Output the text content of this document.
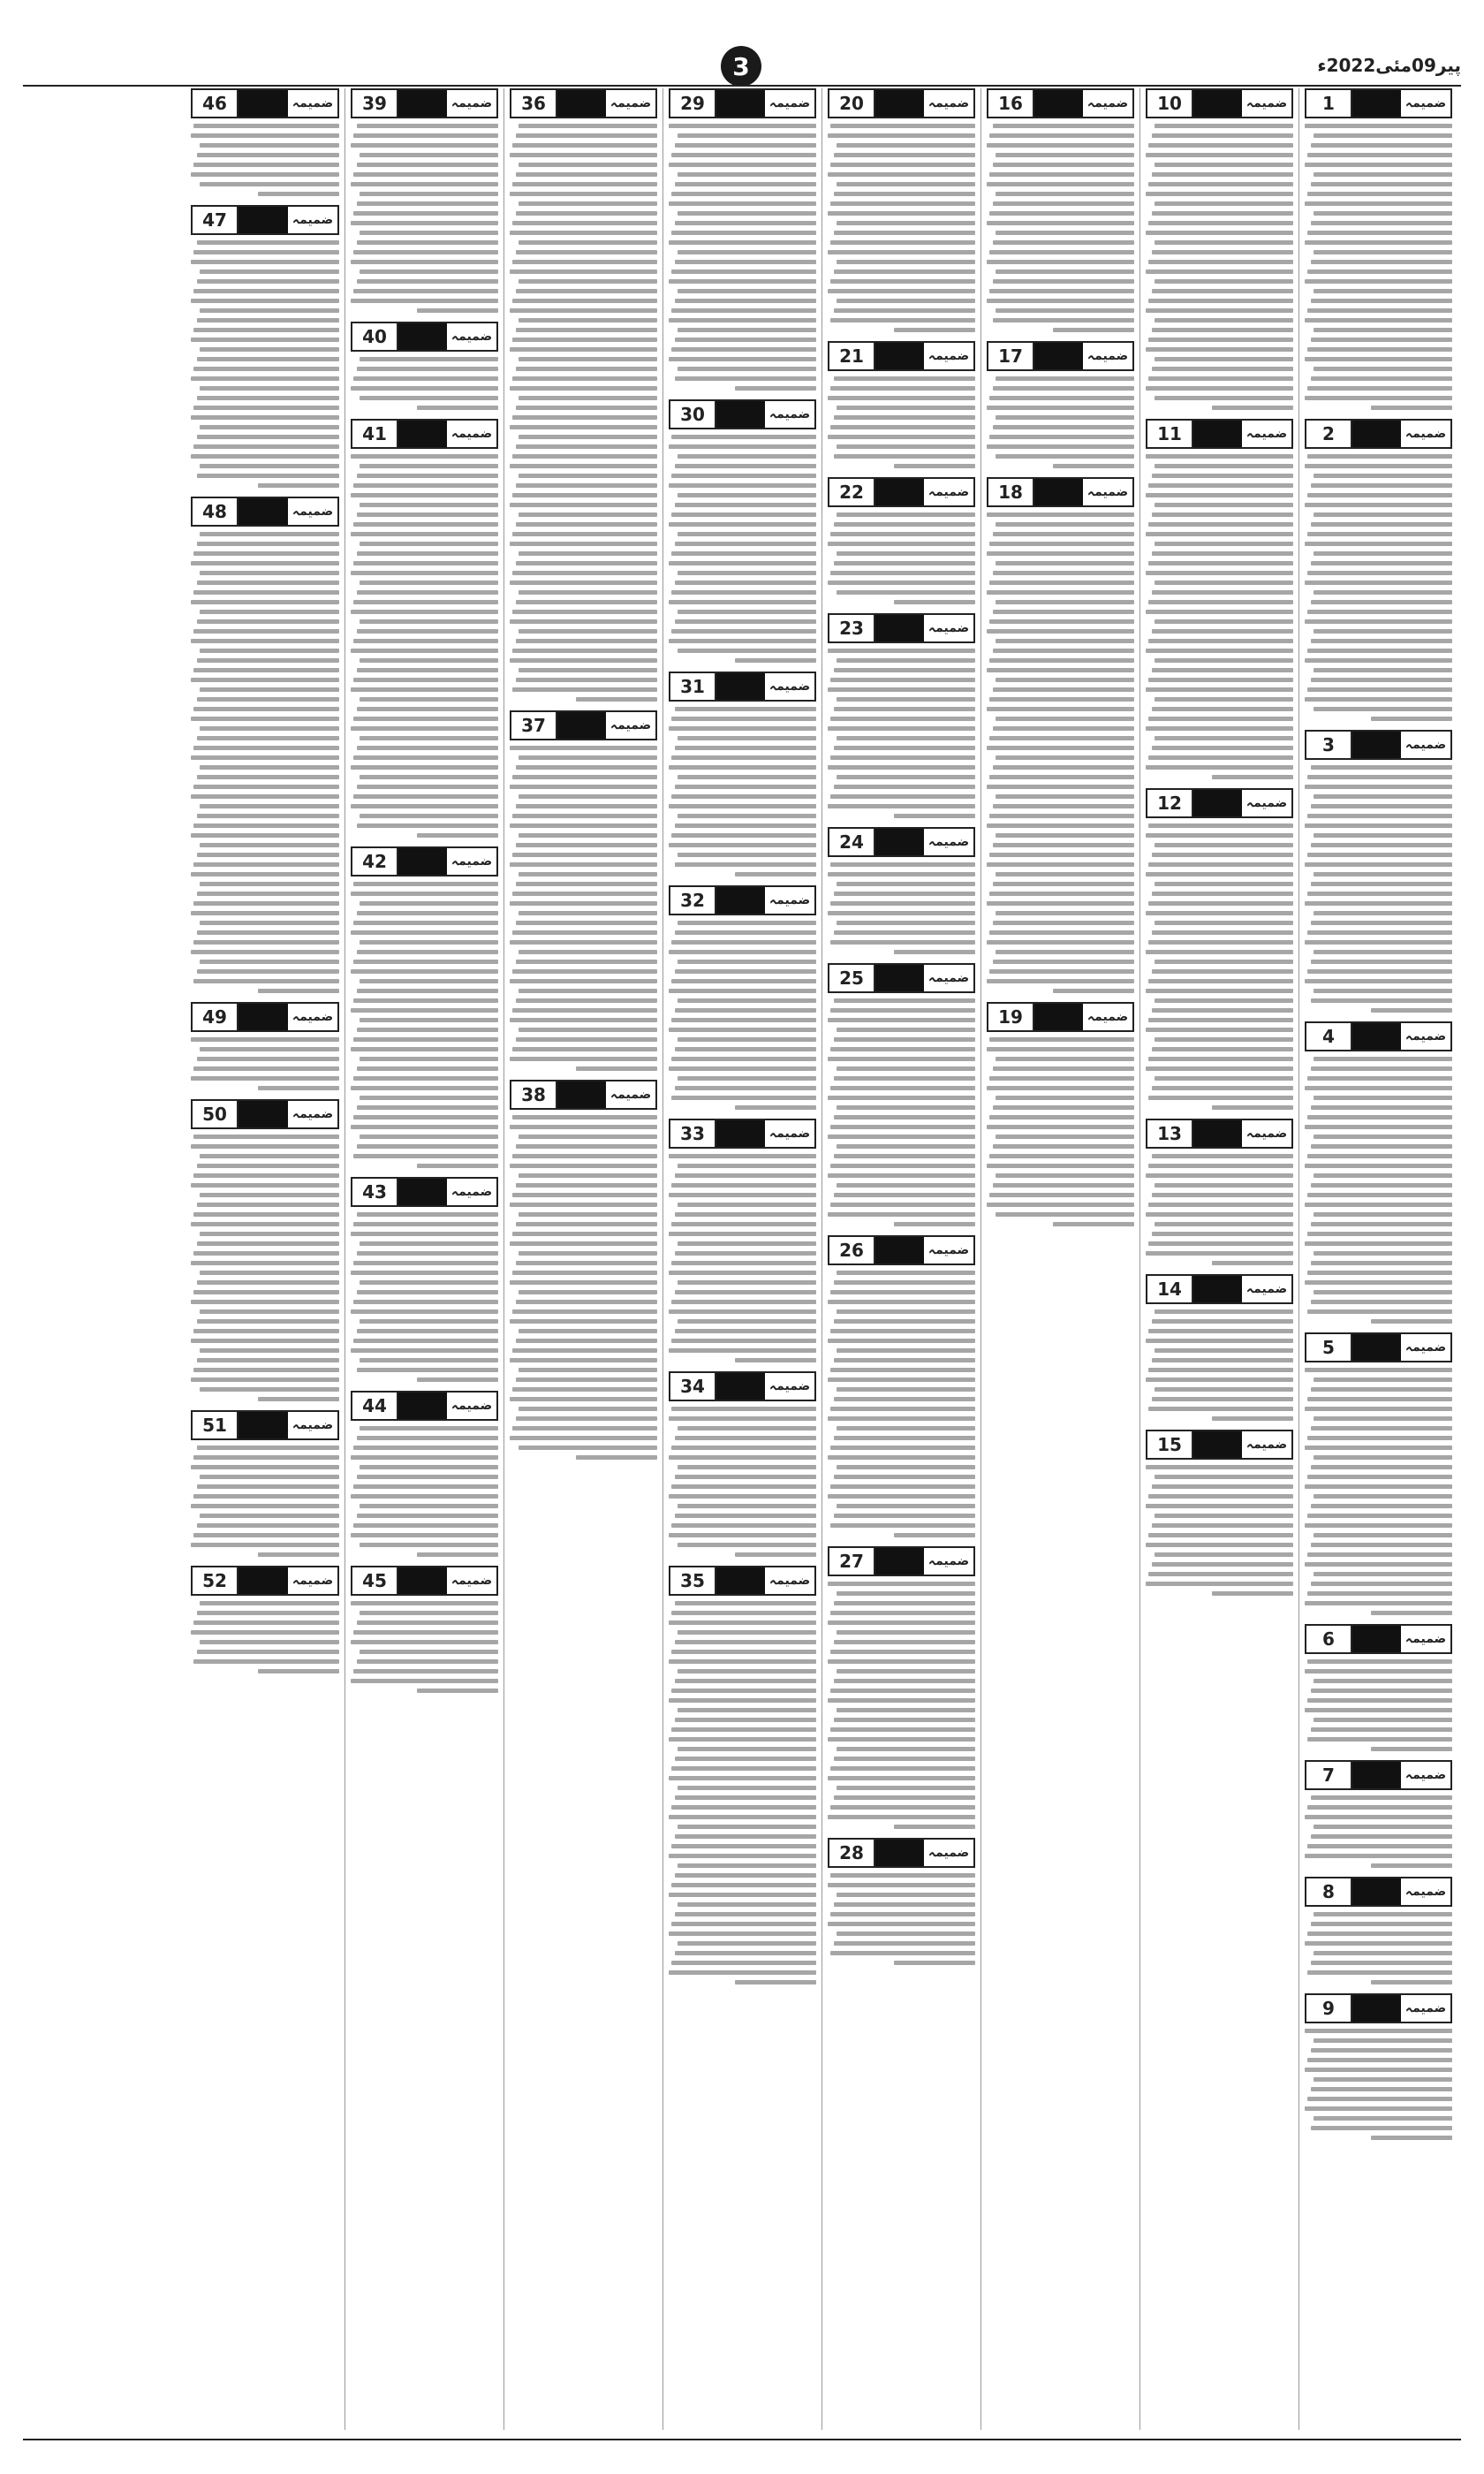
3	پیر09مئی2022ء
1	ضمیمہ
2	ضمیمہ
3	ضمیمہ
4	ضمیمہ
5	ضمیمہ
6	ضمیمہ
7	ضمیمہ
8	ضمیمہ
9	ضمیمہ
10	ضمیمہ
11	ضمیمہ
12	ضمیمہ
13	ضمیمہ
14	ضمیمہ
15	ضمیمہ
16	ضمیمہ
17	ضمیمہ
18	ضمیمہ
19	ضمیمہ
20	ضمیمہ
21	ضمیمہ
22	ضمیمہ
23	ضمیمہ
24	ضمیمہ
25	ضمیمہ
26	ضمیمہ
27	ضمیمہ
28	ضمیمہ
29	ضمیمہ
30	ضمیمہ
31	ضمیمہ
32	ضمیمہ
33	ضمیمہ
34	ضمیمہ
35	ضمیمہ
36	ضمیمہ
37	ضمیمہ
38	ضمیمہ
39	ضمیمہ
40	ضمیمہ
41	ضمیمہ
42	ضمیمہ
43	ضمیمہ
44	ضمیمہ
45	ضمیمہ
46	ضمیمہ
47	ضمیمہ
48	ضمیمہ
49	ضمیمہ
50	ضمیمہ
51	ضمیمہ
52	ضمیمہ
